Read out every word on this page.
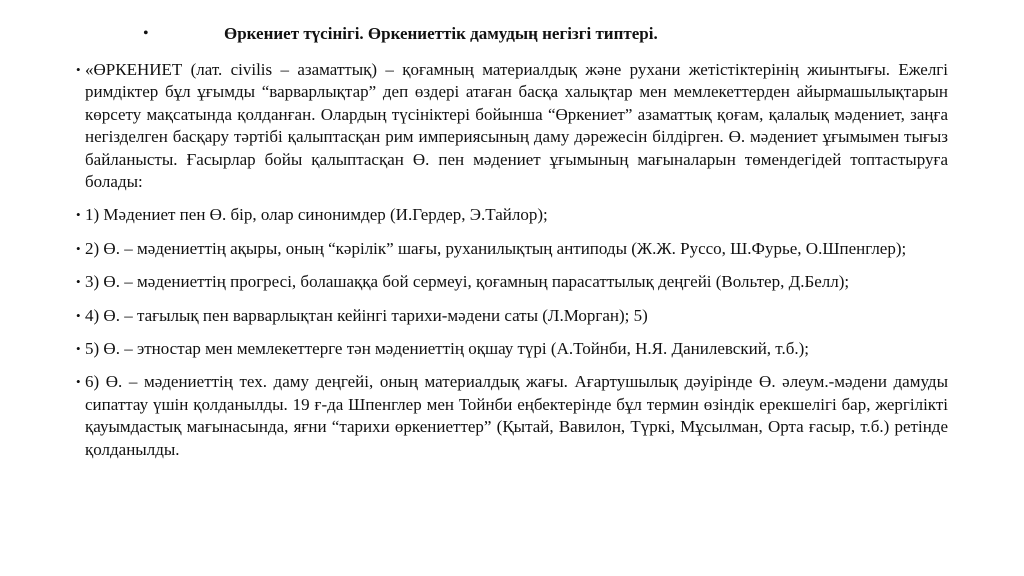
•	Өркениет түсінігі. Өркениеттік дамудың негізгі типтері.
• «ӨРКЕНИЕТ (лат. civilis – азаматтық) – қоғамның материалдық және рухани жетістіктерінің жиынтығы. Ежелгі римдіктер бұл ұғымды “варварлықтар” деп өздері атаған басқа халықтар мен мемлекеттерден айырмашылықтарын көрсету мақсатында қолданған. Олардың түсініктері бойынша “Өркениет” азаматтық қоғам, қалалық мәдениет, заңға негізделген басқару тәртібі қалыптасқан рим империясының даму дәрежесін білдірген. Ө. мәдениет ұғымымен тығыз байланысты. Ғасырлар бойы қалыптасқан Ө. пен мәдениет ұғымының мағыналарын төмендегідей топтастыруға болады:
• 1) Мәдениет пен Ө. бір, олар синонимдер (И.Гердер, Э.Тайлор);
• 2) Ө. – мәдениеттің ақыры, оның “кәрілік” шағы, руханилықтың антиподы (Ж.Ж. Руссо, Ш.Фурье, О.Шпенглер);
• 3) Ө. – мәдениеттің прогресі, болашаққа бой сермеуі, қоғамның парасаттылық деңгейі (Вольтер, Д.Белл);
• 4) Ө. – тағылық пен варварлықтан кейінгі тарихи-мәдени саты (Л.Морган); 5)
• 5) Ө. – этностар мен мемлекеттерге тән мәдениеттің оқшау түрі (А.Тойнби, Н.Я. Данилевский, т.б.);
• 6) Ө. – мәдениеттің тех. даму деңгейі, оның материалдық жағы. Ағартушылық дәуірінде Ө. әлеум.-мәдени дамуды сипаттау үшін қолданылды. 19 ғ-да Шпенглер мен Тойнби еңбектерінде бұл термин өзіндік ерекшелігі бар, жергілікті қауымдастық мағынасында, яғни “тарихи өркениеттер” (Қытай, Вавилон, Түркі, Мұсылман, Орта ғасыр, т.б.) ретінде қолданылды.
